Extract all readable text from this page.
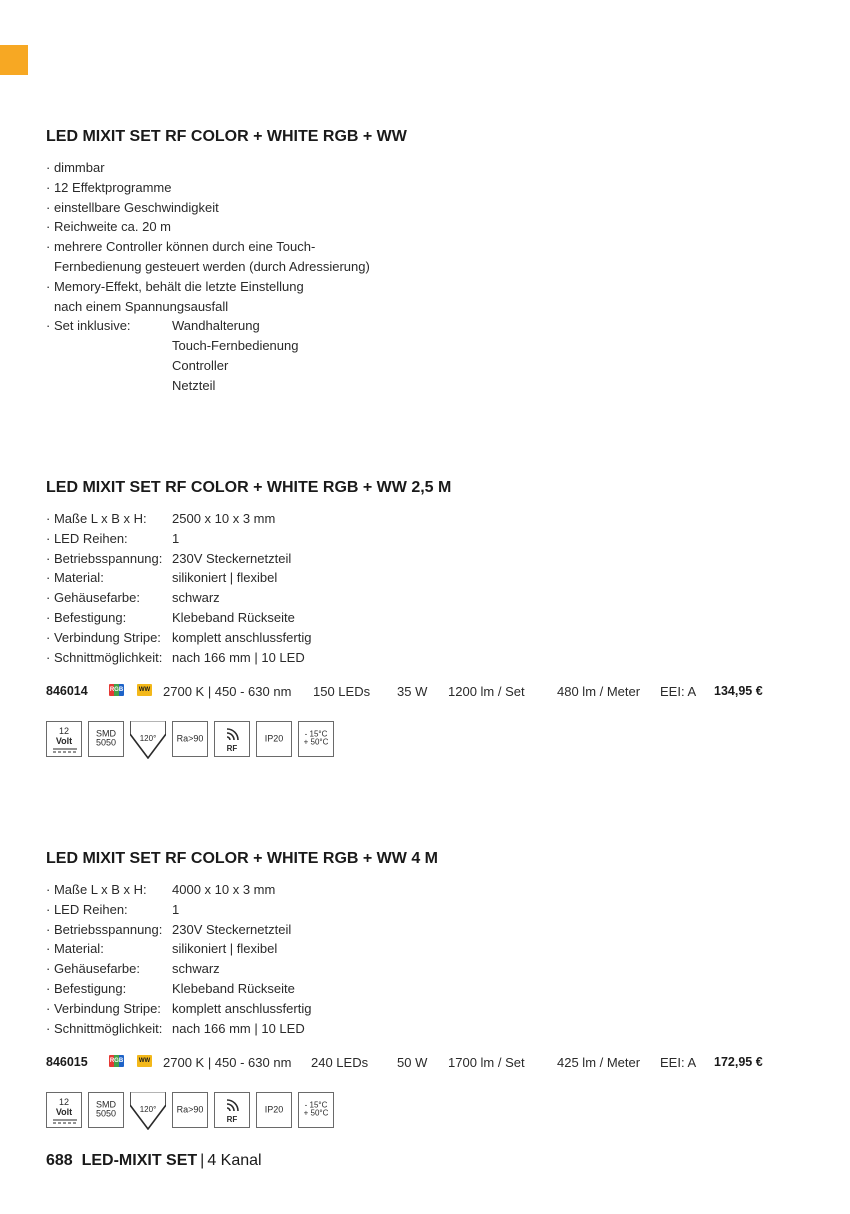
LED MIXIT SET RF COLOR + WHITE RGB + WW
· dimmbar
· 12 Effektprogramme
· einstellbare Geschwindigkeit
· Reichweite ca. 20 m
· mehrere Controller können durch eine Touch-
Fernbedienung gesteuert werden (durch Adressierung)
· Memory-Effekt, behält die letzte Einstellung
nach einem Spannungsausfall
· Set inklusive:	Wandhalterung
Touch-Fernbedienung
Controller
Netzteil
LED MIXIT SET RF COLOR + WHITE RGB + WW 2,5 M
· Maße L x B x H:	2500 x 10 x 3 mm
· LED Reihen:	1
· Betriebsspannung: 230V Steckernetzteil
· Material:	silikoniert | flexibel
· Gehäusefarbe:	schwarz
· Befestigung:	Klebeband Rückseite
· Verbindung Stripe: komplett anschlussfertig
· Schnittmöglichkeit: nach 166 mm | 10 LED
846014	RGB	WW 2700 K | 450 - 630 nm 150 LEDs 35 W 1200 lm / Set 480 lm / Meter EEI: A 134,95 €
12
Volt
SMD
5050	120°	Ra>90
RF
IP20	- 15°C
+ 50°C
LED MIXIT SET RF COLOR + WHITE RGB + WW 4 M
· Maße L x B x H:	4000 x 10 x 3 mm
· LED Reihen:	1
· Betriebsspannung: 230V Steckernetzteil
· Material:	silikoniert | flexibel
· Gehäusefarbe:	schwarz
· Befestigung:	Klebeband Rückseite
· Verbindung Stripe: komplett anschlussfertig
· Schnittmöglichkeit: nach 166 mm | 10 LED
846015	RGB	WW 2700 K | 450 - 630 nm 240 LEDs 50 W 1700 lm / Set 425 lm / Meter EEI: A 172,95 €
12
Volt
SMD
5050	120°	Ra>90
RF
IP20	- 15°C
+ 50°C
688 LED-MIXIT SET | 4 Kanal
